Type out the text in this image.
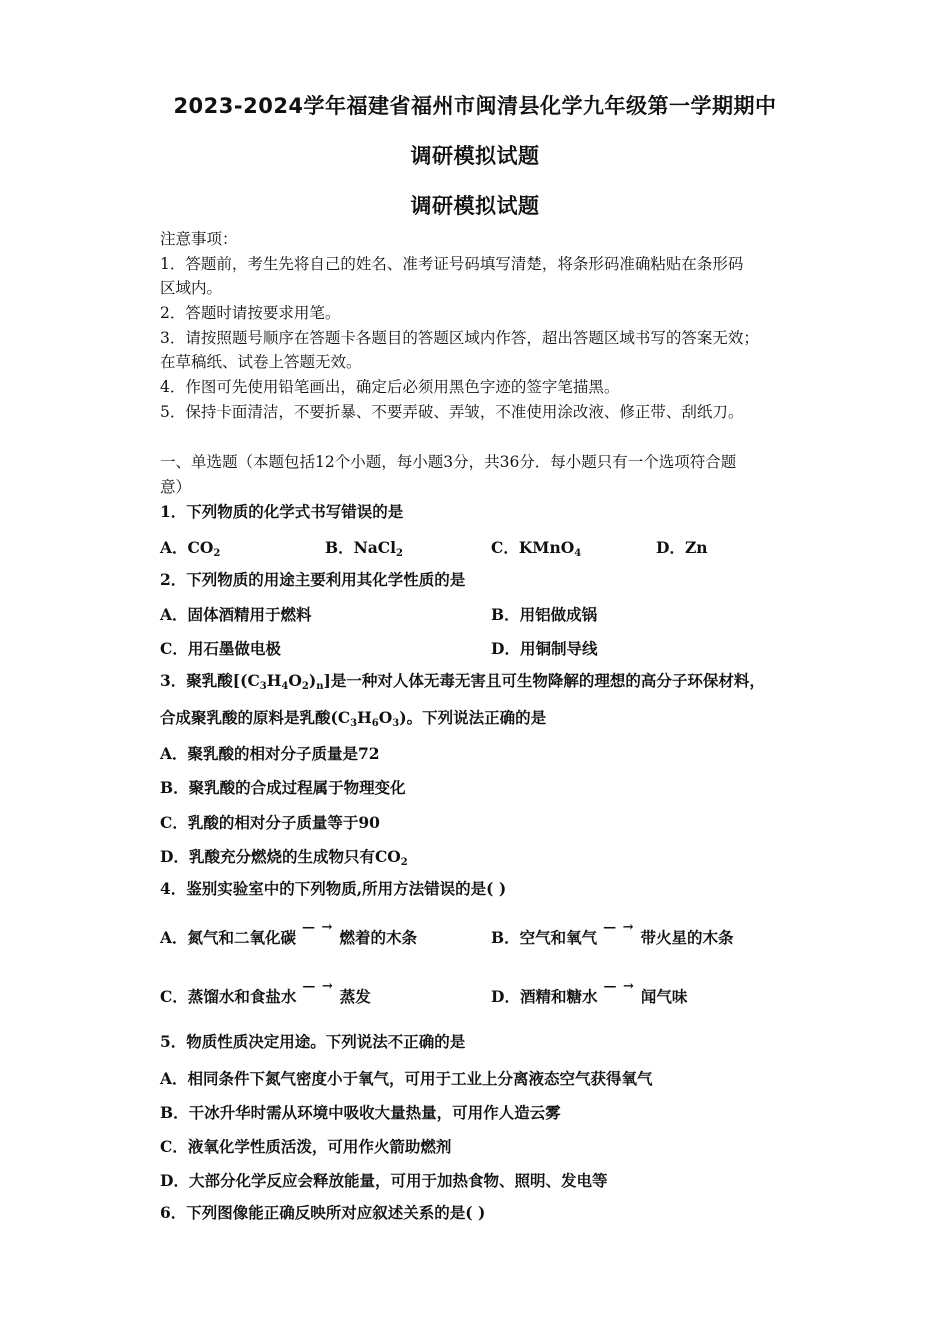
2023-2024学年福建省福州市闽清县化学九年级第一学期期中
调研模拟试题
调研模拟试题
注意事项：
1．答题前，考生先将自己的姓名、准考证号码填写清楚，将条形码准确粘贴在条形码
区域内。
2．答题时请按要求用笔。
3．请按照题号顺序在答题卡各题目的答题区域内作答，超出答题区域书写的答案无效；
在草稿纸、试卷上答题无效。
4．作图可先使用铅笔画出，确定后必须用黑色字迹的签字笔描黑。
5．保持卡面清洁，不要折暴、不要弄破、弄皱，不准使用涂改液、修正带、刮纸刀。
一、单选题（本题包括12个小题，每小题3分，共36分．每小题只有一个选项符合题
意）
1．下列物质的化学式书写错误的是
A．$CO_2$	B．NaCl$_2$	C．KMnO$_4$	D．Zn
2．下列物质的用途主要利用其化学性质的是
A．固体酒精用于燃料	B．用铝做成锅
C．用石墨做电极	D．用铜制导线
3．聚乳酸$[(C_3H_4O_2)_n]$是一种对人体无毒无害且可生物降解的理想的高分子环保材料，
合成聚乳酸的原料是乳酸$(C_3H_6O_3)$。下列说法正确的是
A．聚乳酸的相对分子质量是72
B．聚乳酸的合成过程属于物理变化
C．乳酸的相对分子质量等于90
D．乳酸充分燃烧的生成物只有$CO_2$
4．鉴别实验室中的下列物质,所用方法错误的是( )
A．氮气和二氧化碳— →燃着的木条	B．空气和氧气— →带火星的木条
C．蒸馏水和食盐水— →蒸发	D．酒精和糖水— →闻气味
5．物质性质决定用途。下列说法不正确的是
A．相同条件下氮气密度小于氧气，可用于工业上分离液态空气获得氧气
B．干冰升华时需从环境中吸收大量热量，可用作人造云雾
C．液氧化学性质活泼，可用作火箭助燃剂
D．大部分化学反应会释放能量，可用于加热食物、照明、发电等
6．下列图像能正确反映所对应叙述关系的是( )
